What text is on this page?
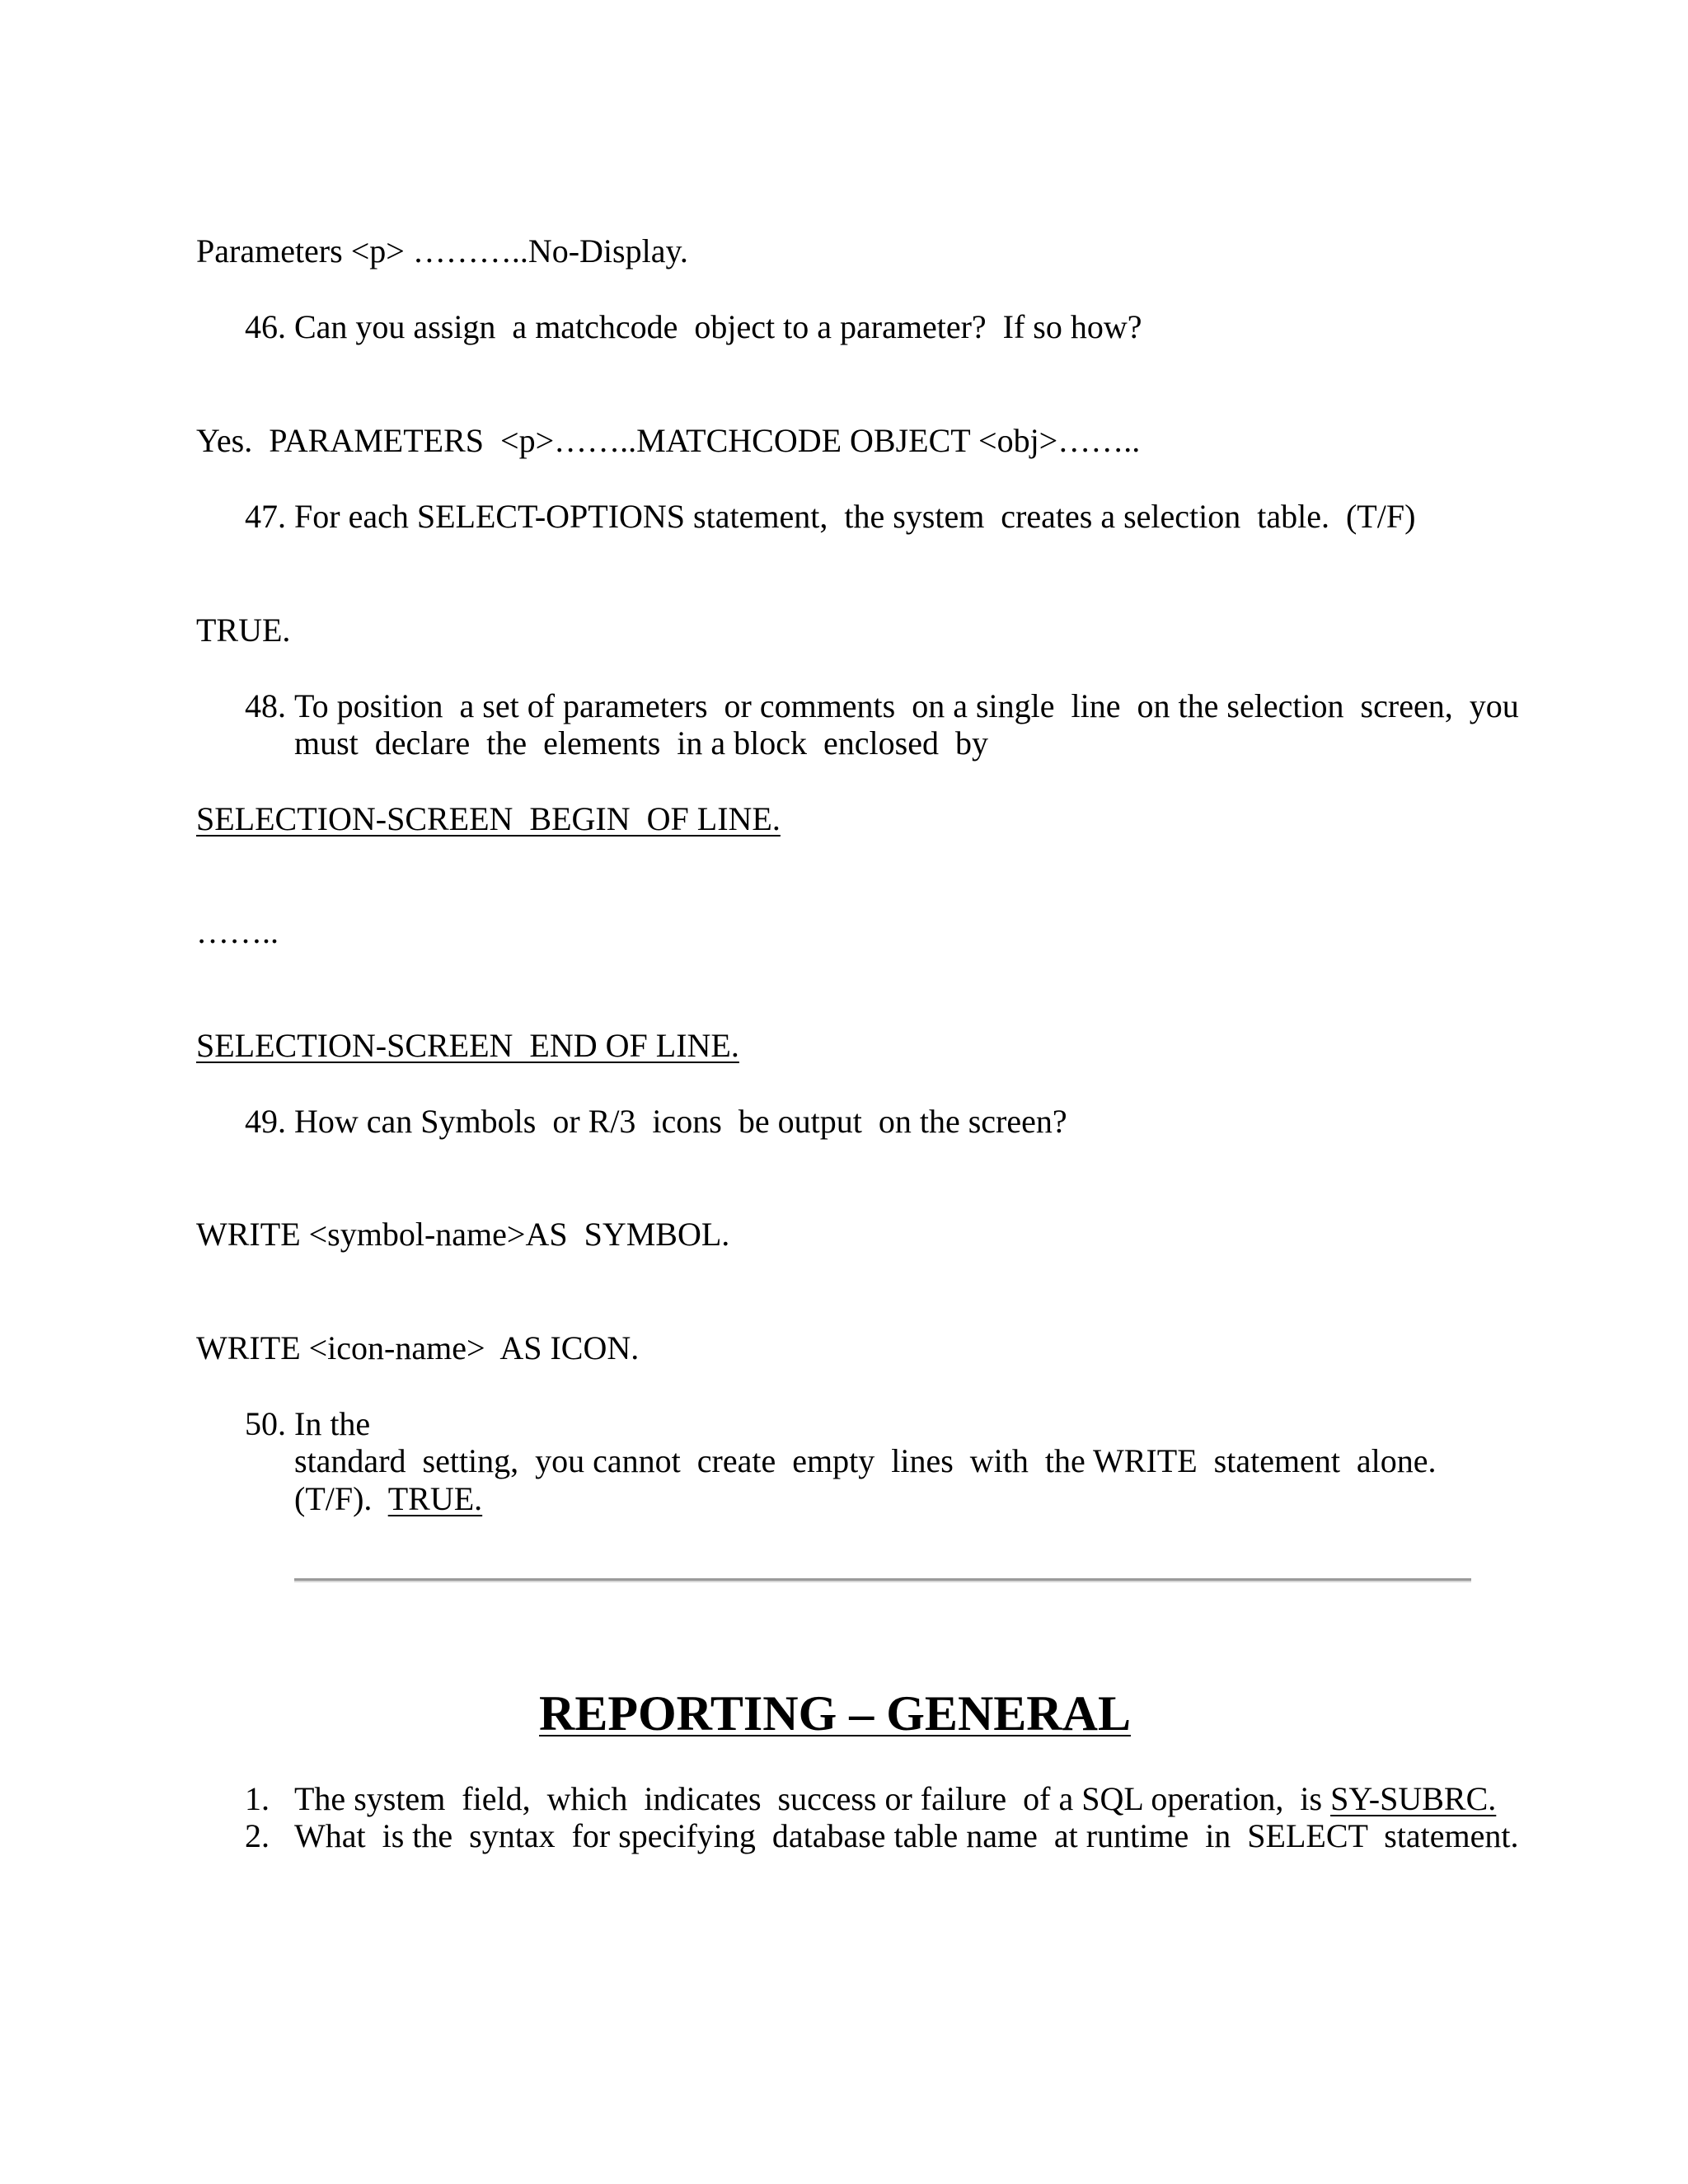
Parameters <p> ………..No-Display.
46. Can you assign  a matchcode  object to a parameter?  If so how?
Yes.  PARAMETERS  <p>……..MATCHCODE OBJECT <obj>……..
47. For each SELECT-OPTIONS statement,  the system  creates a selection  table.  (T/F)
TRUE.
48. To position  a set of parameters  or comments  on a single  line  on the selection  screen,  you
must  declare  the  elements  in a block  enclosed  by
SELECTION-SCREEN  BEGIN  OF LINE.
……..
SELECTION-SCREEN  END OF LINE.
49. How can Symbols  or R/3  icons  be output  on the screen?
WRITE <symbol-name>AS  SYMBOL.
WRITE <icon-name>  AS ICON.
50. In the
standard  setting,  you cannot  create  empty  lines  with  the WRITE  statement  alone.
(T/F).  TRUE.
REPORTING – GENERAL
1. The system  field,  which  indicates  success or failure  of a SQL operation,  is SY-SUBRC.
2. What  is the  syntax  for specifying  database table name  at runtime  in  SELECT  statement.
